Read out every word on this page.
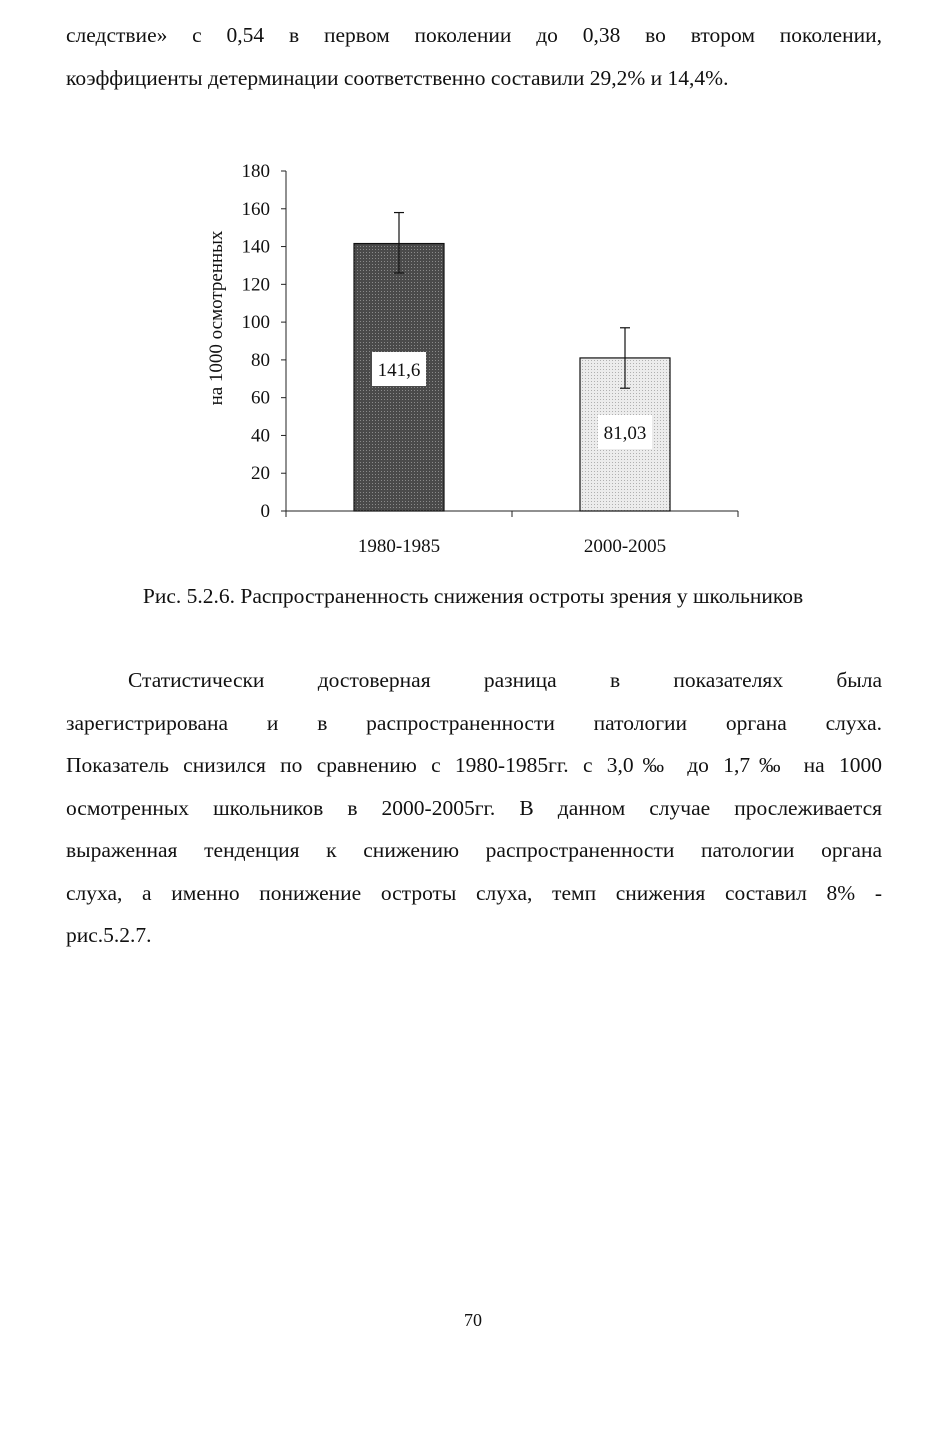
следствие» с 0,54 в первом поколении до 0,38 во втором поколении,
коэффициенты детерминации соответственно составили 29,2% и 14,4%.

0
20
40
60
80
100
120
140
160
180
1980-1985	2000-2005
141,6
81,03
на 1000 осмотренных

Рис. 5.2.6. Распространенность снижения остроты зрения у школьников

Статистически достоверная разница в показателях была
зарегистрирована и в распространенности патологии органа слуха.
Показатель снизился по сравнению с 1980-1985гг. с 3,0‰ до 1,7‰ на 1000
осмотренных школьников в 2000-2005гг. В данном случае прослеживается
выраженная тенденция к снижению распространенности патологии органа
слуха, а именно понижение остроты слуха, темп снижения составил 8% -
рис.5.2.7.

70
